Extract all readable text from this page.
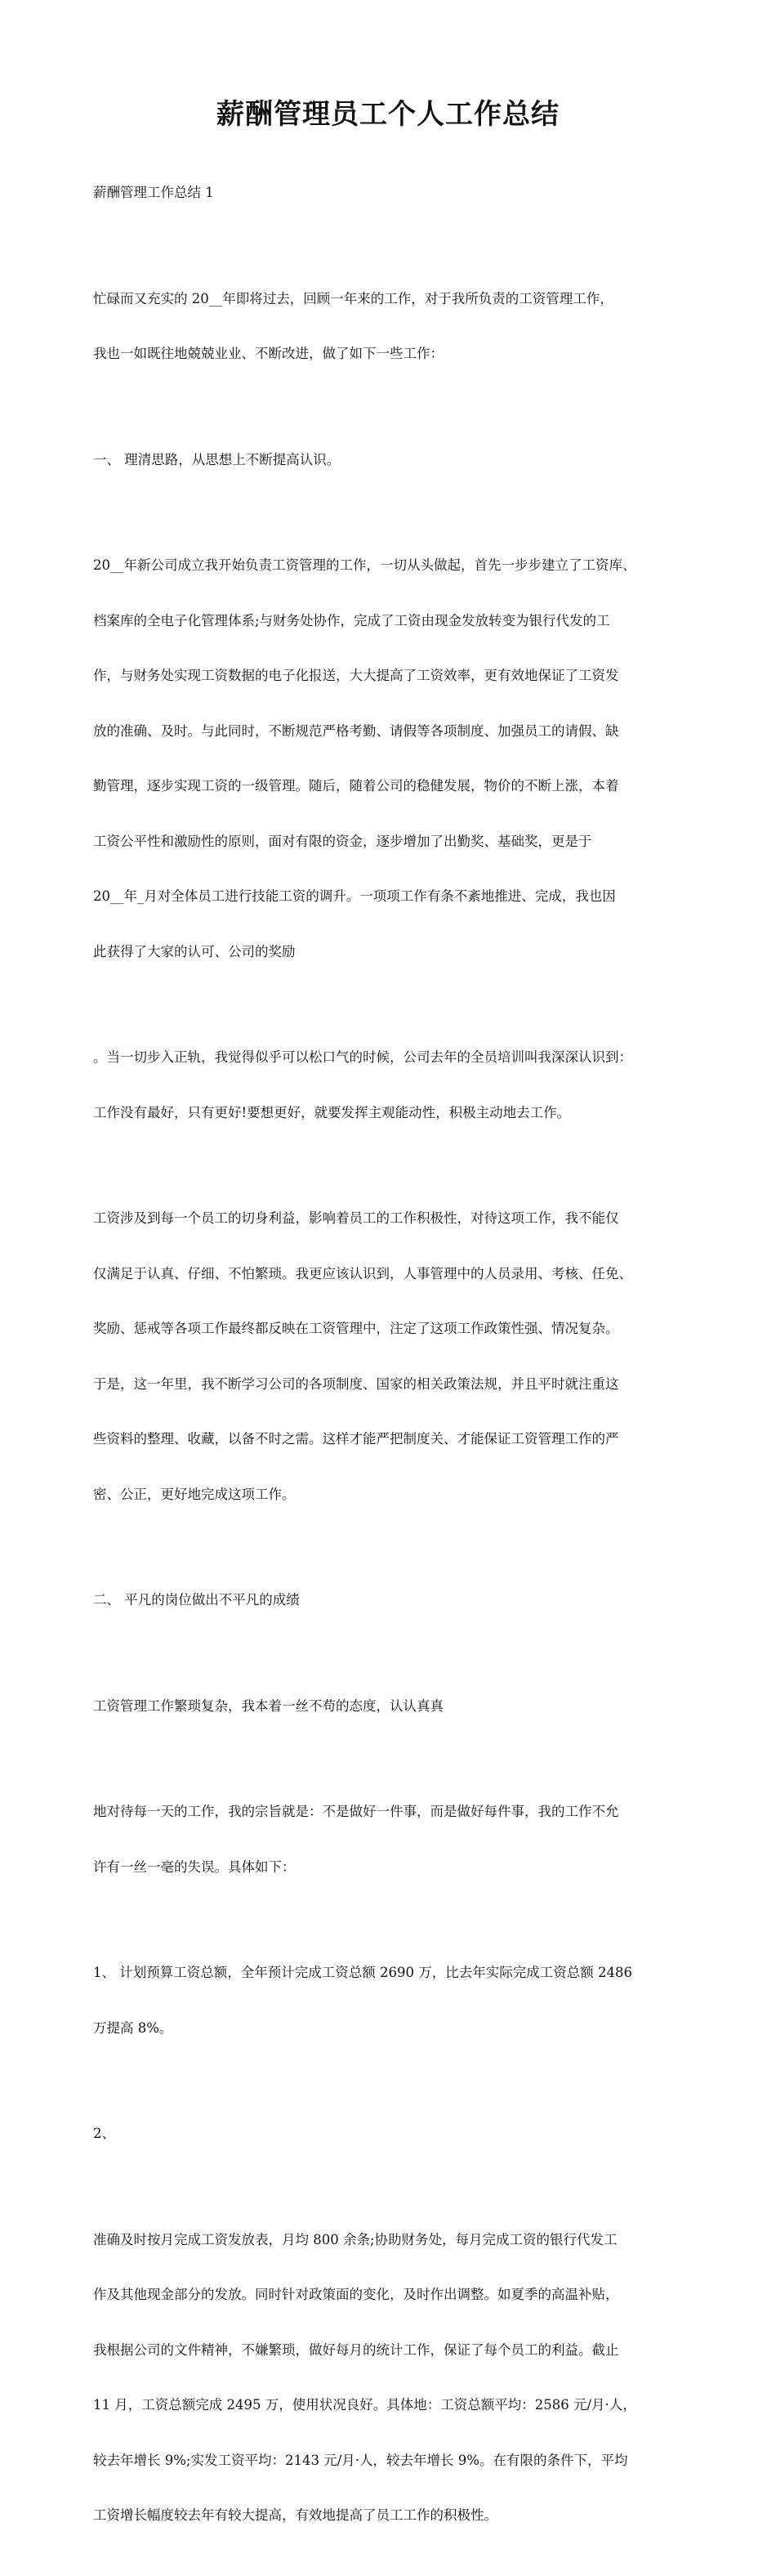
薪酬管理员工个人工作总结

薪酬管理工作总结 1

忙碌而又充实的 20__年即将过去，回顾一年来的工作，对于我所负责的工资管理工作，

我也一如既往地兢兢业业、不断改进，做了如下一些工作：

一、 理清思路，从思想上不断提高认识。

20__年新公司成立我开始负责工资管理的工作，一切从头做起，首先一步步建立了工资库、

档案库的全电子化管理体系;与财务处协作，完成了工资由现金发放转变为银行代发的工

作，与财务处实现工资数据的电子化报送，大大提高了工资效率，更有效地保证了工资发

放的准确、及时。与此同时，不断规范严格考勤、请假等各项制度、加强员工的请假、缺

勤管理，逐步实现工资的一级管理。随后，随着公司的稳健发展，物价的不断上涨，本着

工资公平性和激励性的原则，面对有限的资金，逐步增加了出勤奖、基础奖，更是于

20__年_月对全体员工进行技能工资的调升。一项项工作有条不紊地推进、完成，我也因

此获得了大家的认可、公司的奖励

。当一切步入正轨，我觉得似乎可以松口气的时候，公司去年的全员培训叫我深深认识到：

工作没有最好，只有更好!要想更好，就要发挥主观能动性，积极主动地去工作。

工资涉及到每一个员工的切身利益，影响着员工的工作积极性，对待这项工作，我不能仅

仅满足于认真、仔细、不怕繁琐。我更应该认识到，人事管理中的人员录用、考核、任免、

奖励、惩戒等各项工作最终都反映在工资管理中，注定了这项工作政策性强、情况复杂。

于是，这一年里，我不断学习公司的各项制度、国家的相关政策法规，并且平时就注重这

些资料的整理、收藏，以备不时之需。这样才能严把制度关、才能保证工资管理工作的严

密、公正，更好地完成这项工作。

二、 平凡的岗位做出不平凡的成绩

工资管理工作繁琐复杂，我本着一丝不苟的态度，认认真真

地对待每一天的工作，我的宗旨就是：不是做好一件事，而是做好每件事，我的工作不允

许有一丝一毫的失误。具体如下：

1、 计划预算工资总额，全年预计完成工资总额 2690 万，比去年实际完成工资总额 2486

万提高 8%。

2、

准确及时按月完成工资发放表，月均 800 余条;协助财务处，每月完成工资的银行代发工

作及其他现金部分的发放。同时针对政策面的变化，及时作出调整。如夏季的高温补贴，

我根据公司的文件精神，不嫌繁琐，做好每月的统计工作，保证了每个员工的利益。截止

11 月，工资总额完成 2495 万，使用状况良好。具体地：工资总额平均：2586 元/月·人，

较去年增长 9%;实发工资平均：2143 元/月·人，较去年增长 9%。在有限的条件下，平均

工资增长幅度较去年有较大提高，有效地提高了员工工作的积极性。
